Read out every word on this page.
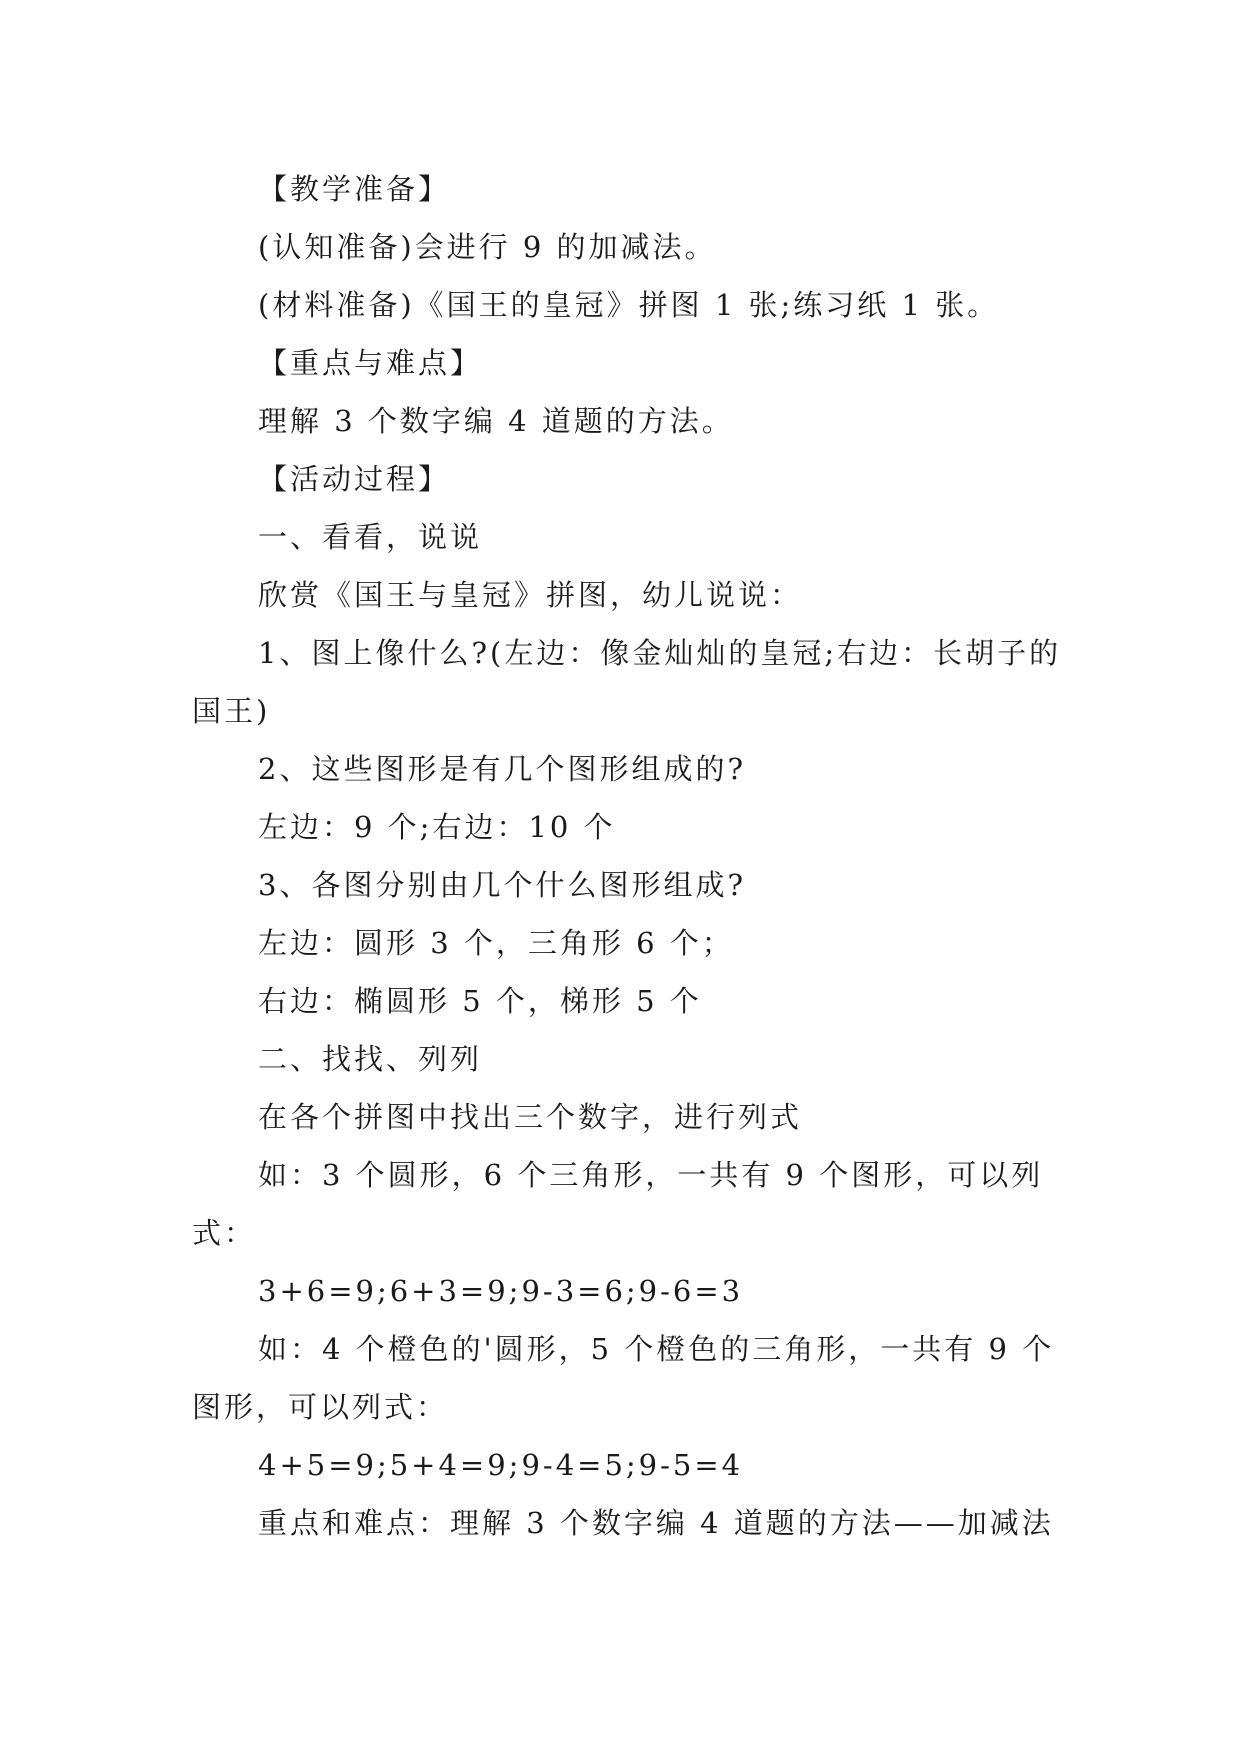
【教学准备】

(认知准备)会进行 9 的加减法。

(材料准备)《国王的皇冠》拼图 1 张;练习纸 1 张。

【重点与难点】

理解 3 个数字编 4 道题的方法。

【活动过程】

一、看看，说说

欣赏《国王与皇冠》拼图，幼儿说说：

1、图上像什么?(左边：像金灿灿的皇冠;右边：长胡子的国王)

2、这些图形是有几个图形组成的?

左边：9 个;右边：10 个

3、各图分别由几个什么图形组成?

左边：圆形 3 个，三角形 6 个；

右边：椭圆形 5 个，梯形 5 个

二、找找、列列

在各个拼图中找出三个数字，进行列式

如：3 个圆形，6 个三角形，一共有 9 个图形，可以列式：

3+6=9;6+3=9;9-3=6;9-6=3

如：4 个橙色的'圆形，5 个橙色的三角形，一共有 9 个图形，可以列式：

4+5=9;5+4=9;9-4=5;9-5=4

重点和难点：理解 3 个数字编 4 道题的方法——加减法
